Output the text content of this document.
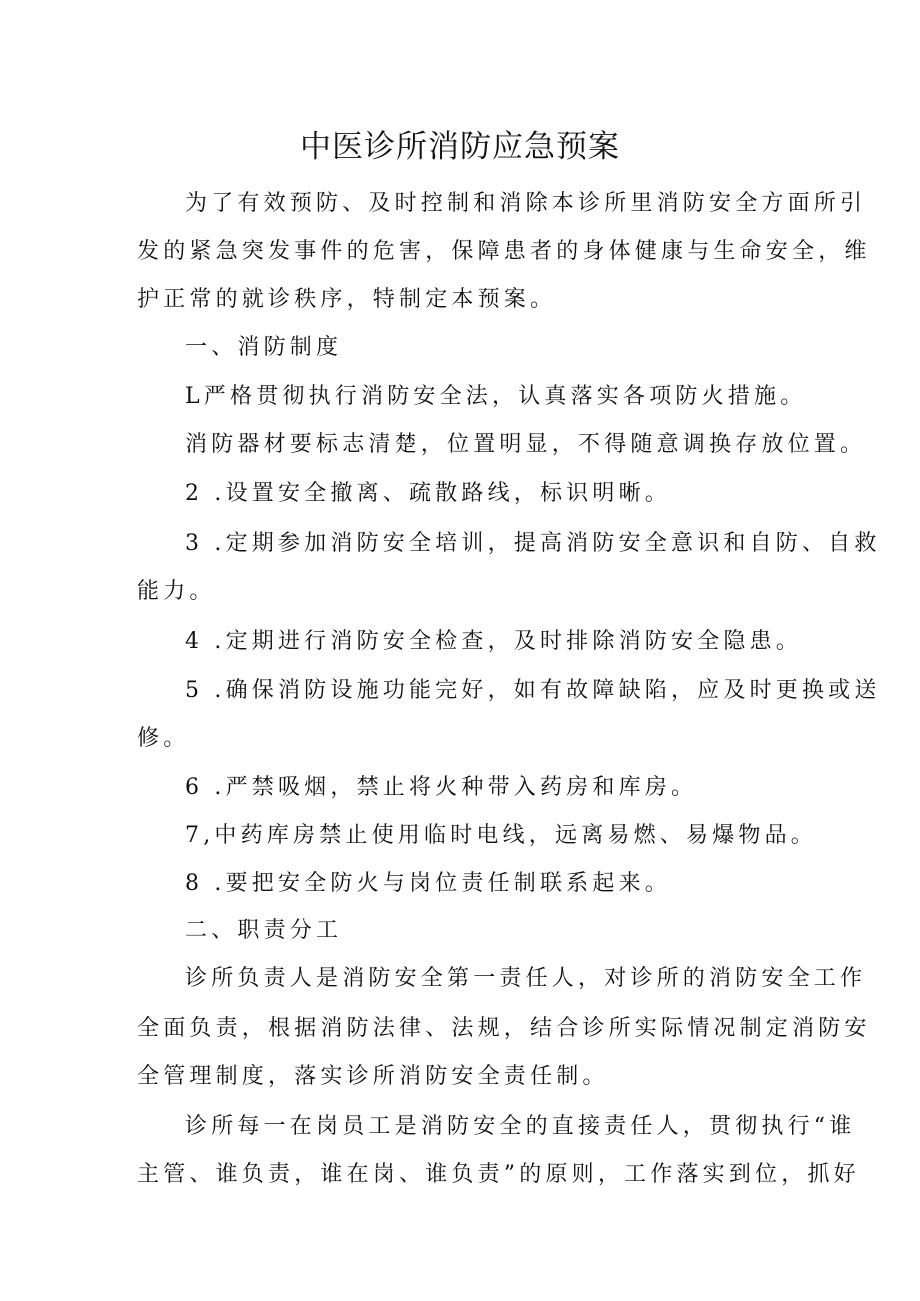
中医诊所消防应急预案
为了有效预防、及时控制和消除本诊所里消防安全方面所引
发的紧急突发事件的危害，保障患者的身体健康与生命安全，维
护正常的就诊秩序，特制定本预案。
一、消防制度
L严格贯彻执行消防安全法，认真落实各项防火措施。
消防器材要标志清楚，位置明显，不得随意调换存放位置。
2 .设置安全撤离、疏散路线，标识明晰。
3 .定期参加消防安全培训，提高消防安全意识和自防、自救
能力。
4 .定期进行消防安全检查，及时排除消防安全隐患。
5 .确保消防设施功能完好，如有故障缺陷，应及时更换或送
修。
6 .严禁吸烟，禁止将火种带入药房和库房。
7,中药库房禁止使用临时电线，远离易燃、易爆物品。
8 .要把安全防火与岗位责任制联系起来。
二、职责分工
诊所负责人是消防安全第一责任人，对诊所的消防安全工作
全面负责，根据消防法律、法规，结合诊所实际情况制定消防安
全管理制度，落实诊所消防安全责任制。
诊所每一在岗员工是消防安全的直接责任人，贯彻执行“谁
主管、谁负责，谁在岗、谁负责”的原则，工作落实到位，抓好
